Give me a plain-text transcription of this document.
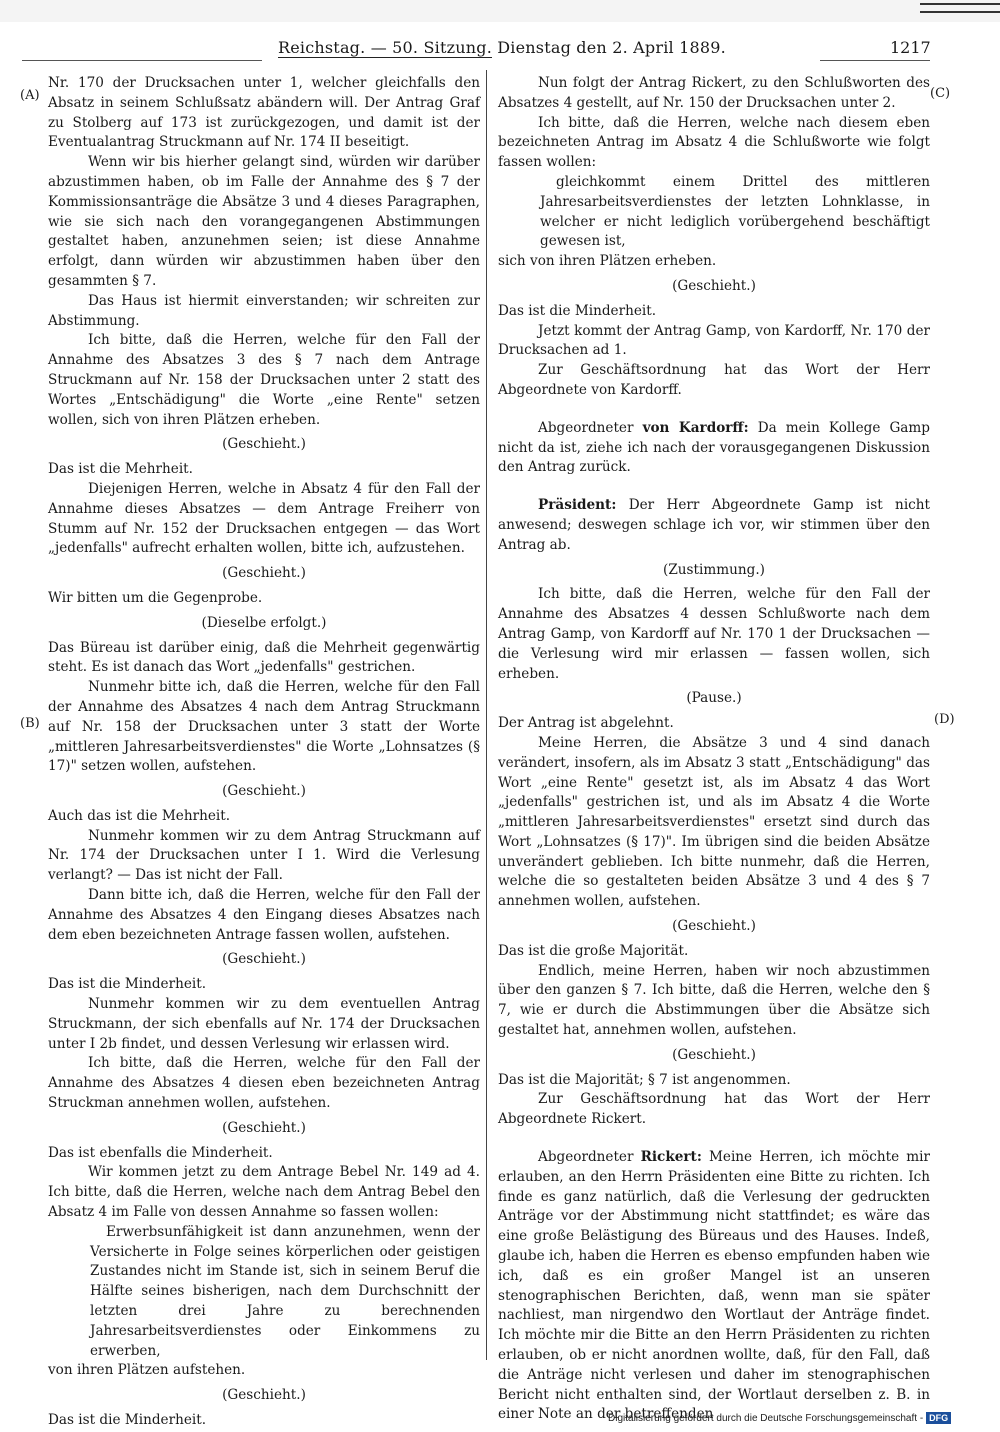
Reichstag. — 50. Sitzung. Dienstag den 2. April 1889.	1217
(A)
(B)
(C)
(D)

Nr. 170 der Drucksachen unter 1, welcher gleichfalls den Absatz in seinem Schlußsatz abändern will. Der Antrag Graf zu Stolberg auf 173 ist zurückgezogen, und damit ist der Eventualantrag Struckmann auf Nr. 174 II beseitigt.

Wenn wir bis hierher gelangt sind, würden wir darüber abzustimmen haben, ob im Falle der Annahme des § 7 der Kommissionsanträge die Absätze 3 und 4 dieses Paragraphen, wie sie sich nach den vorangegangenen Abstimmungen gestaltet haben, anzunehmen seien; ist diese Annahme erfolgt, dann würden wir abzustimmen haben über den gesammten § 7.

Das Haus ist hiermit einverstanden; wir schreiten zur Abstimmung.

Ich bitte, daß die Herren, welche für den Fall der Annahme des Absatzes 3 des § 7 nach dem Antrage Struckmann auf Nr. 158 der Drucksachen unter 2 statt des Wortes „Entschädigung" die Worte „eine Rente" setzen wollen, sich von ihren Plätzen erheben.

(Geschieht.)

Das ist die Mehrheit.

Diejenigen Herren, welche in Absatz 4 für den Fall der Annahme dieses Absatzes — dem Antrage Freiherr von Stumm auf Nr. 152 der Drucksachen entgegen — das Wort „jedenfalls" aufrecht erhalten wollen, bitte ich, aufzustehen.

(Geschieht.)

Wir bitten um die Gegenprobe.

(Dieselbe erfolgt.)

Das Büreau ist darüber einig, daß die Mehrheit gegenwärtig steht. Es ist danach das Wort „jedenfalls" gestrichen.

Nunmehr bitte ich, daß die Herren, welche für den Fall der Annahme des Absatzes 4 nach dem Antrag Struckmann auf Nr. 158 der Drucksachen unter 3 statt der Worte „mittleren Jahresarbeitsverdienstes" die Worte „Lohnsatzes (§ 17)" setzen wollen, aufstehen.

(Geschieht.)

Auch das ist die Mehrheit.

Nunmehr kommen wir zu dem Antrag Struckmann auf Nr. 174 der Drucksachen unter I 1. Wird die Verlesung verlangt? — Das ist nicht der Fall.

Dann bitte ich, daß die Herren, welche für den Fall der Annahme des Absatzes 4 den Eingang dieses Absatzes nach dem eben bezeichneten Antrage fassen wollen, aufstehen.

(Geschieht.)

Das ist die Minderheit.

Nunmehr kommen wir zu dem eventuellen Antrag Struckmann, der sich ebenfalls auf Nr. 174 der Drucksachen unter I 2b findet, und dessen Verlesung wir erlassen wird.

Ich bitte, daß die Herren, welche für den Fall der Annahme des Absatzes 4 diesen eben bezeichneten Antrag Struckman annehmen wollen, aufstehen.

(Geschieht.)

Das ist ebenfalls die Minderheit.

Wir kommen jetzt zu dem Antrage Bebel Nr. 149 ad 4. Ich bitte, daß die Herren, welche nach dem Antrag Bebel den Absatz 4 im Falle von dessen Annahme so fassen wollen:

Erwerbsunfähigkeit ist dann anzunehmen, wenn der Versicherte in Folge seines körperlichen oder geistigen Zustandes nicht im Stande ist, sich in seinem Beruf die Hälfte seines bisherigen, nach dem Durchschnitt der letzten drei Jahre zu berechnenden Jahresarbeitsverdienstes oder Einkommens zu erwerben,

von ihren Plätzen aufstehen.

(Geschieht.)

Das ist die Minderheit.

Nun folgt der Antrag Rickert, zu den Schlußworten des Absatzes 4 gestellt, auf Nr. 150 der Drucksachen unter 2.

Ich bitte, daß die Herren, welche nach diesem eben bezeichneten Antrag im Absatz 4 die Schlußworte wie folgt fassen wollen:

gleichkommt einem Drittel des mittleren Jahresarbeitsverdienstes der letzten Lohnklasse, in welcher er nicht lediglich vorübergehend beschäftigt gewesen ist,

sich von ihren Plätzen erheben.

(Geschieht.)

Das ist die Minderheit.

Jetzt kommt der Antrag Gamp, von Kardorff, Nr. 170 der Drucksachen ad 1.

Zur Geschäftsordnung hat das Wort der Herr Abgeordnete von Kardorff.

Abgeordneter von Kardorff: Da mein Kollege Gamp nicht da ist, ziehe ich nach der vorausgegangenen Diskussion den Antrag zurück.

Präsident: Der Herr Abgeordnete Gamp ist nicht anwesend; deswegen schlage ich vor, wir stimmen über den Antrag ab.

(Zustimmung.)

Ich bitte, daß die Herren, welche für den Fall der Annahme des Absatzes 4 dessen Schlußworte nach dem Antrag Gamp, von Kardorff auf Nr. 170 1 der Drucksachen — die Verlesung wird mir erlassen — fassen wollen, sich erheben.

(Pause.)

Der Antrag ist abgelehnt.

Meine Herren, die Absätze 3 und 4 sind danach verändert, insofern, als im Absatz 3 statt „Entschädigung" das Wort „eine Rente" gesetzt ist, als im Absatz 4 das Wort „jedenfalls" gestrichen ist, und als im Absatz 4 die Worte „mittleren Jahresarbeitsverdienstes" ersetzt sind durch das Wort „Lohnsatzes (§ 17)". Im übrigen sind die beiden Absätze unverändert geblieben. Ich bitte nunmehr, daß die Herren, welche die so gestalteten beiden Absätze 3 und 4 des § 7 annehmen wollen, aufstehen.

(Geschieht.)

Das ist die große Majorität.

Endlich, meine Herren, haben wir noch abzustimmen über den ganzen § 7. Ich bitte, daß die Herren, welche den § 7, wie er durch die Abstimmungen über die Absätze sich gestaltet hat, annehmen wollen, aufstehen.

(Geschieht.)

Das ist die Majorität; § 7 ist angenommen.

Zur Geschäftsordnung hat das Wort der Herr Abgeordnete Rickert.

Abgeordneter Rickert: Meine Herren, ich möchte mir erlauben, an den Herrn Präsidenten eine Bitte zu richten. Ich finde es ganz natürlich, daß die Verlesung der gedruckten Anträge vor der Abstimmung nicht stattfindet; es wäre das eine große Belästigung des Büreaus und des Hauses. Indeß, glaube ich, haben die Herren es ebenso empfunden haben wie ich, daß es ein großer Mangel ist an unseren stenographischen Berichten, daß, wenn man sie später nachliest, man nirgendwo den Wortlaut der Anträge findet. Ich möchte mir die Bitte an den Herrn Präsidenten zu richten erlauben, ob er nicht anordnen wollte, daß, für den Fall, daß die Anträge nicht verlesen und daher im stenographischen Bericht nicht enthalten sind, der Wortlaut derselben z. B. in einer Note an der betreffenden

Digitalisierung gefördert durch die Deutsche Forschungsgemeinschaft - DFG
